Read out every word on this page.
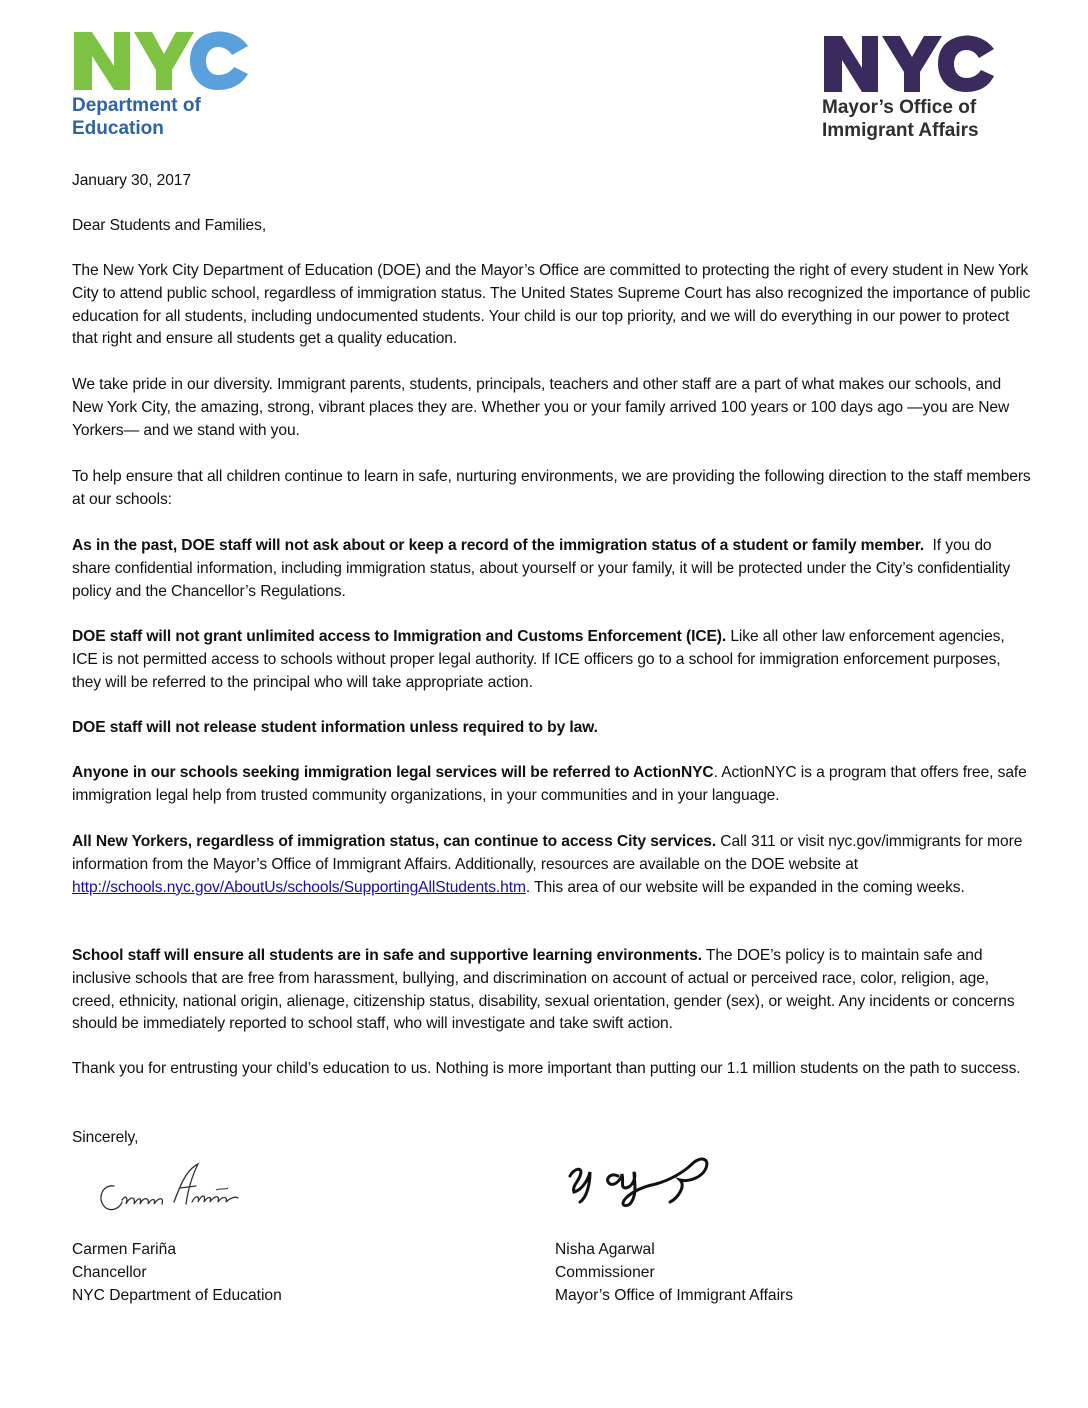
Department of
Education
Mayor’s Office of
Immigrant Affairs
January 30, 2017
Dear Students and Families,

The New York City Department of Education (DOE) and the Mayor’s Office are committed to protecting the right of every student in New York City to attend public school, regardless of immigration status. The United States Supreme Court has also recognized the importance of public education for all students, including undocumented students. Your child is our top priority, and we will do everything in our power to protect that right and ensure all students get a quality education.

We take pride in our diversity. Immigrant parents, students, principals, teachers and other staff are a part of what makes our schools, and New York City, the amazing, strong, vibrant places they are. Whether you or your family arrived 100 years or 100 days ago —you are New Yorkers— and we stand with you.

To help ensure that all children continue to learn in safe, nurturing environments, we are providing the following direction to the staff members at our schools:

As in the past, DOE staff will not ask about or keep a record of the immigration status of a student or family member.  If you do share confidential information, including immigration status, about yourself or your family, it will be protected under the City’s confidentiality policy and the Chancellor’s Regulations.

DOE staff will not grant unlimited access to Immigration and Customs Enforcement (ICE). Like all other law enforcement agencies, ICE is not permitted access to schools without proper legal authority. If ICE officers go to a school for immigration enforcement purposes, they will be referred to the principal who will take appropriate action.

DOE staff will not release student information unless required to by law.

Anyone in our schools seeking immigration legal services will be referred to ActionNYC. ActionNYC is a program that offers free, safe immigration legal help from trusted community organizations, in your communities and in your language.

All New Yorkers, regardless of immigration status, can continue to access City services. Call 311 or visit nyc.gov/immigrants for more information from the Mayor’s Office of Immigrant Affairs. Additionally, resources are available on the DOE website at http://schools.nyc.gov/AboutUs/schools/SupportingAllStudents.htm. This area of our website will be expanded in the coming weeks.

School staff will ensure all students are in safe and supportive learning environments. The DOE’s policy is to maintain safe and inclusive schools that are free from harassment, bullying, and discrimination on account of actual or perceived race, color, religion, age, creed, ethnicity, national origin, alienage, citizenship status, disability, sexual orientation, gender (sex), or weight. Any incidents or concerns should be immediately reported to school staff, who will investigate and take swift action.

Thank you for entrusting your child’s education to us. Nothing is more important than putting our 1.1 million students on the path to success.

Sincerely,
Carmen Fariña
Chancellor
NYC Department of Education
Nisha Agarwal
Commissioner
Mayor’s Office of Immigrant Affairs
